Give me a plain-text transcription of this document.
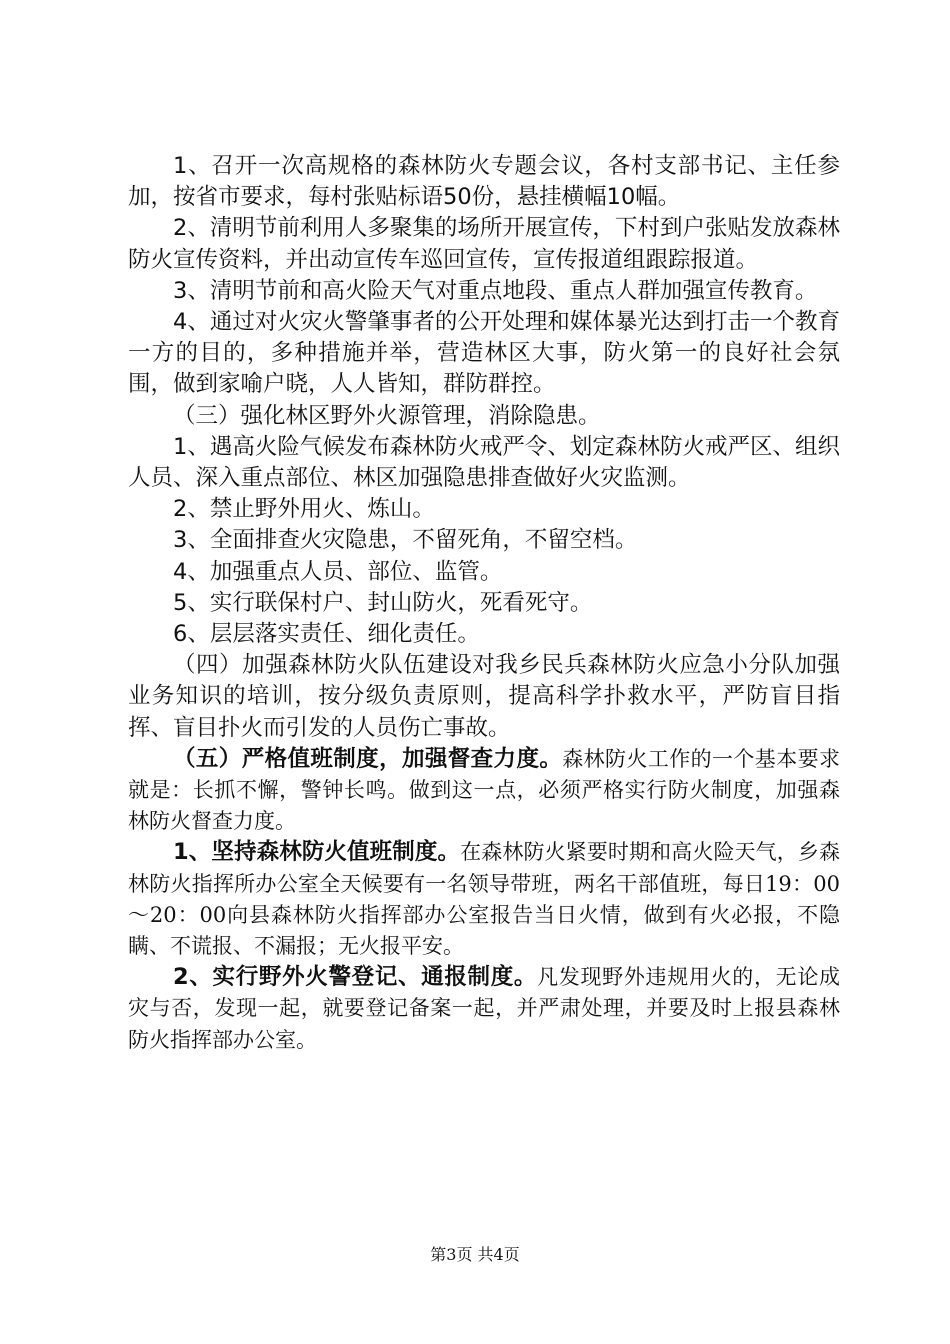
1、召开一次高规格的森林防火专题会议，各村支部书记、主任参加，按省市要求，每村张贴标语50份，悬挂横幅10幅。

2、清明节前利用人多聚集的场所开展宣传，下村到户张贴发放森林防火宣传资料，并出动宣传车巡回宣传，宣传报道组跟踪报道。

3、清明节前和高火险天气对重点地段、重点人群加强宣传教育。

4、通过对火灾火警肇事者的公开处理和媒体暴光达到打击一个教育一方的目的，多种措施并举，营造林区大事，防火第一的良好社会氛围，做到家喻户晓，人人皆知，群防群控。

（三）强化林区野外火源管理，消除隐患。

1、遇高火险气候发布森林防火戒严令、划定森林防火戒严区、组织人员、深入重点部位、林区加强隐患排查做好火灾监测。

2、禁止野外用火、炼山。

3、全面排查火灾隐患，不留死角，不留空档。

4、加强重点人员、部位、监管。

5、实行联保村户、封山防火，死看死守。

6、层层落实责任、细化责任。

（四）加强森林防火队伍建设对我乡民兵森林防火应急小分队加强业务知识的培训，按分级负责原则，提高科学扑救水平，严防盲目指挥、盲目扑火而引发的人员伤亡事故。

（五）严格值班制度，加强督查力度。森林防火工作的一个基本要求就是：长抓不懈，警钟长鸣。做到这一点，必须严格实行防火制度，加强森林防火督查力度。

1、坚持森林防火值班制度。在森林防火紧要时期和高火险天气，乡森林防火指挥所办公室全天候要有一名领导带班，两名干部值班，每日19：00～20：00向县森林防火指挥部办公室报告当日火情，做到有火必报，不隐瞒、不谎报、不漏报；无火报平安。

2、实行野外火警登记、通报制度。凡发现野外违规用火的，无论成灾与否，发现一起，就要登记备案一起，并严肃处理，并要及时上报县森林防火指挥部办公室。

第3页 共4页
